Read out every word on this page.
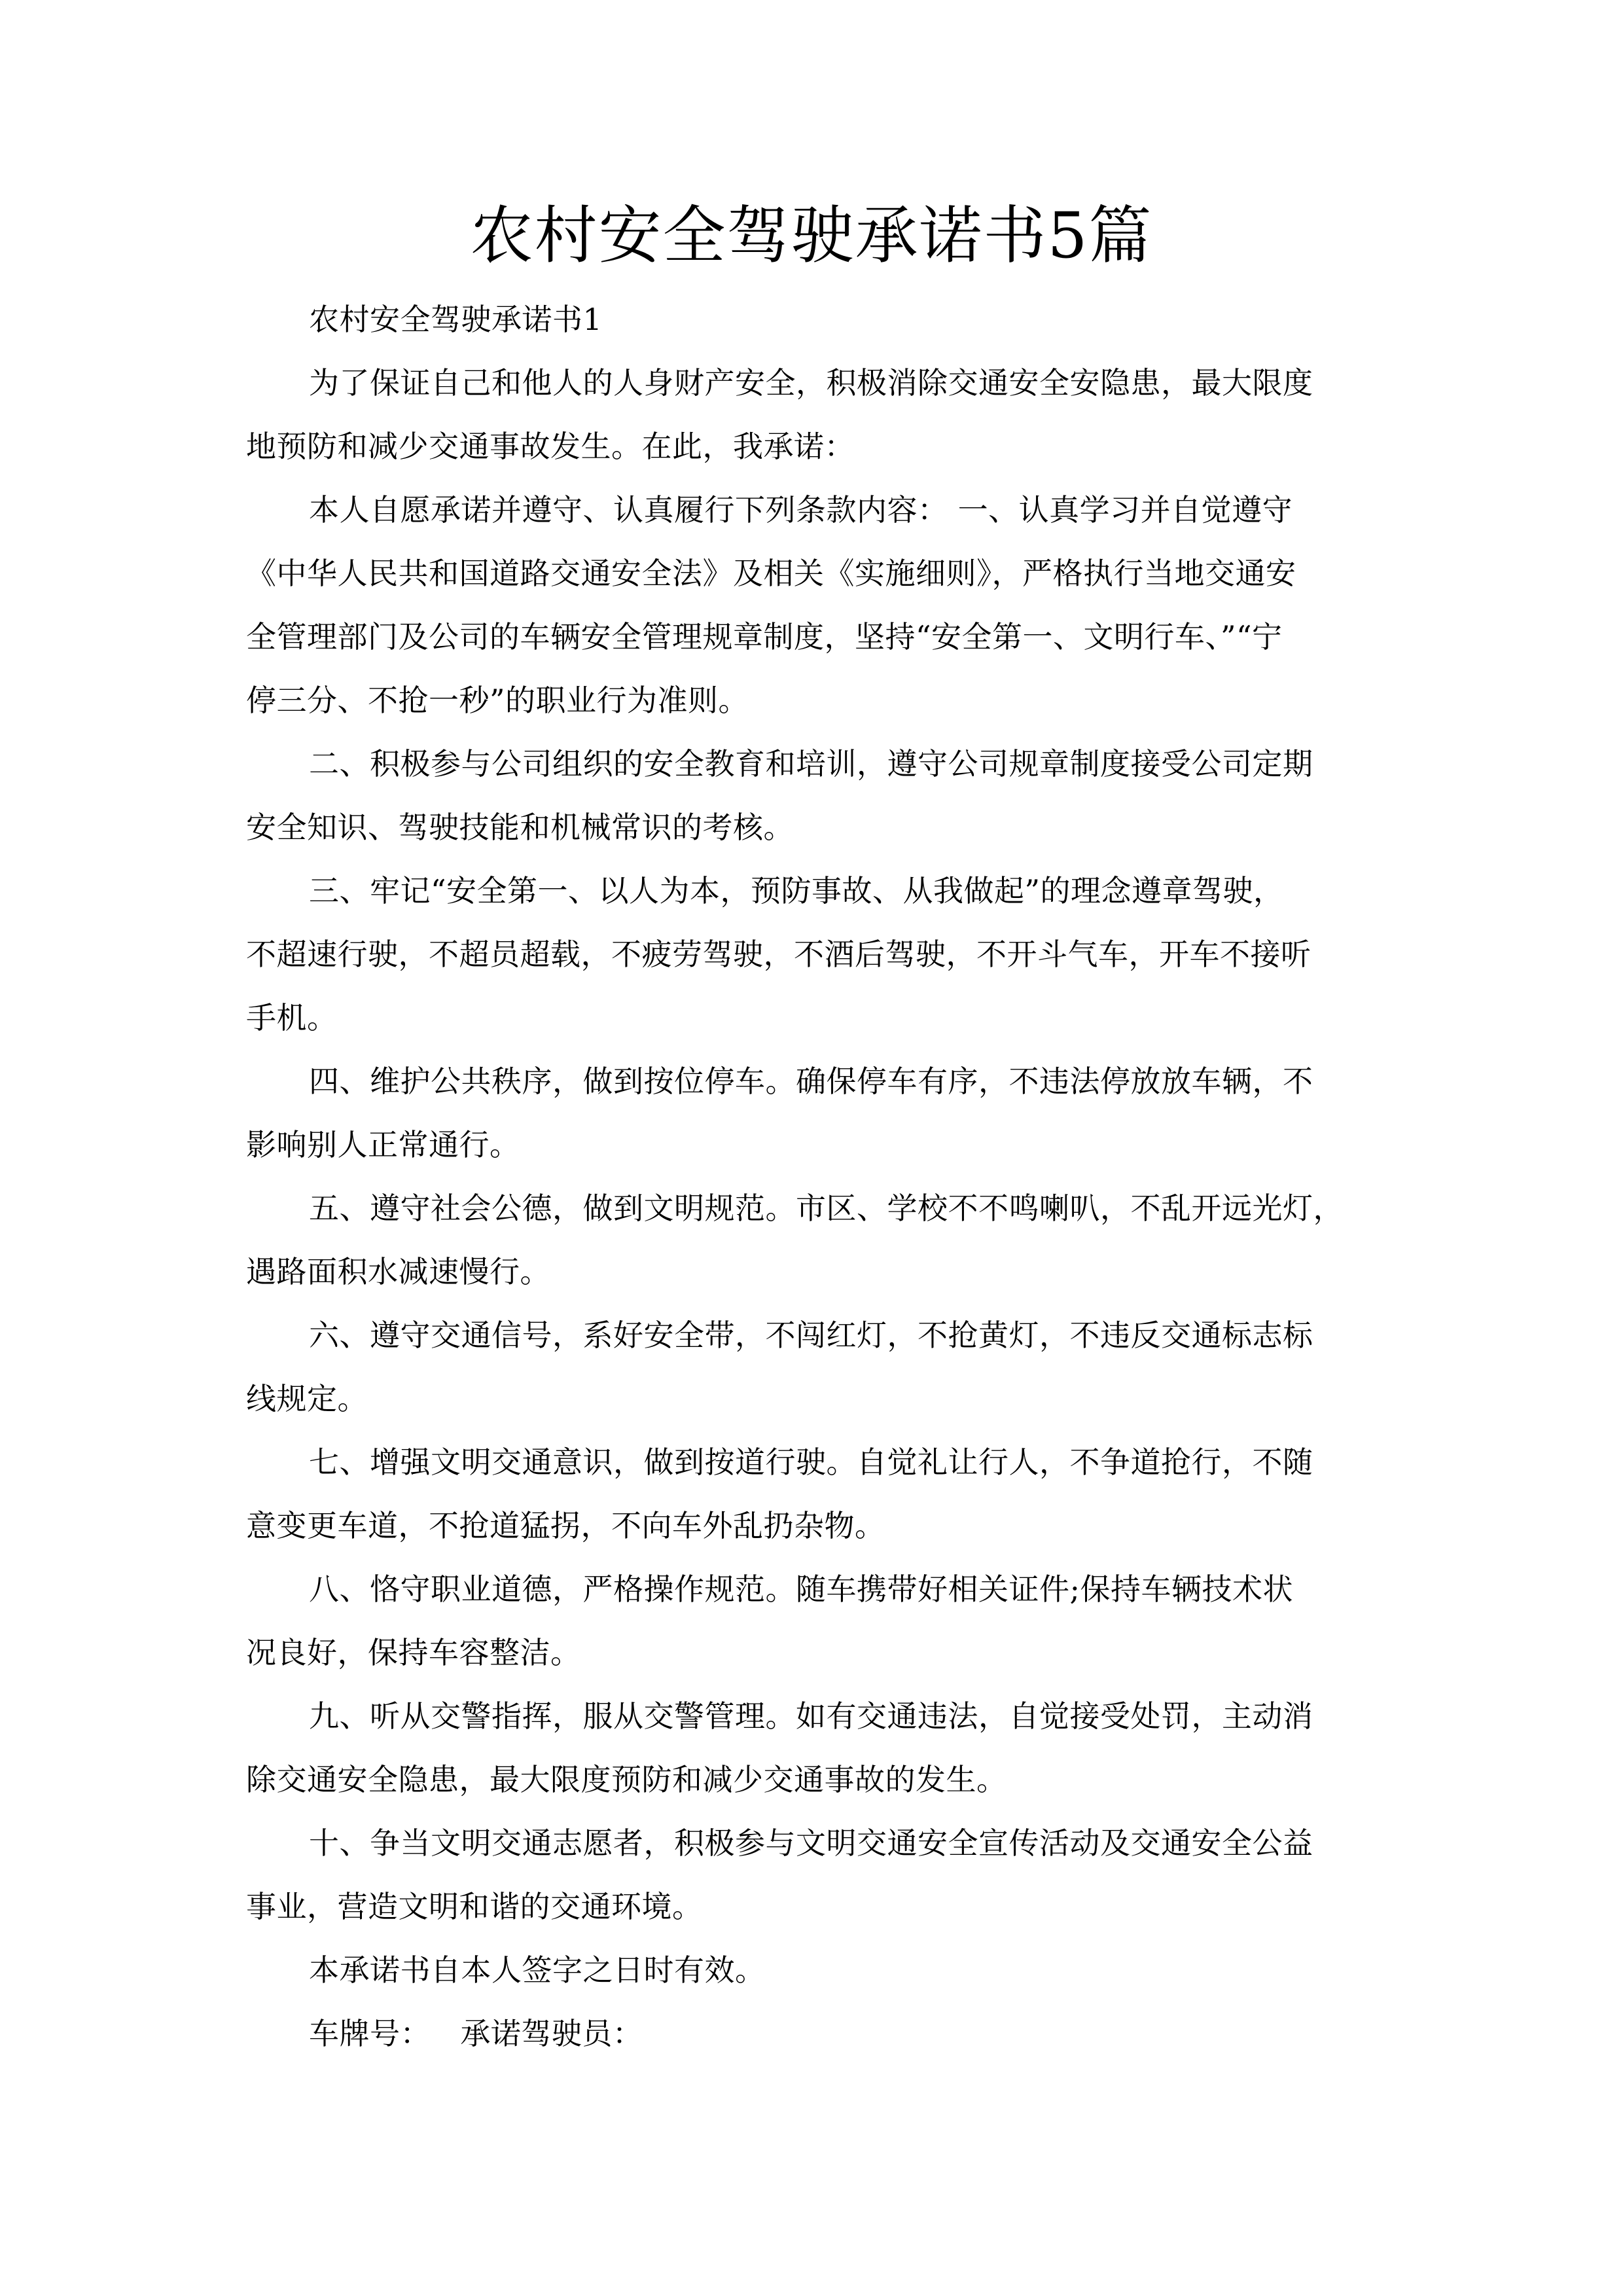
农村安全驾驶承诺书5篇
农村安全驾驶承诺书1
为了保证自己和他人的人身财产安全，积极消除交通安全安隐患，最大限度
地预防和减少交通事故发生。在此，我承诺：
本人自愿承诺并遵守、认真履行下列条款内容： 一、认真学习并自觉遵守
《中华人民共和国道路交通安全法》及相关《实施细则》，严格执行当地交通安
全管理部门及公司的车辆安全管理规章制度，坚持“安全第一、文明行车、”“宁
停三分、不抢一秒”的职业行为准则。
二、积极参与公司组织的安全教育和培训，遵守公司规章制度接受公司定期
安全知识、驾驶技能和机械常识的考核。
三、牢记“安全第一、以人为本，预防事故、从我做起”的理念遵章驾驶，
不超速行驶，不超员超载，不疲劳驾驶，不酒后驾驶，不开斗气车，开车不接听
手机。
四、维护公共秩序，做到按位停车。确保停车有序，不违法停放放车辆，不
影响别人正常通行。
五、遵守社会公德，做到文明规范。市区、学校不不鸣喇叭，不乱开远光灯，
遇路面积水减速慢行。
六、遵守交通信号，系好安全带，不闯红灯，不抢黄灯，不违反交通标志标
线规定。
七、增强文明交通意识，做到按道行驶。自觉礼让行人，不争道抢行，不随
意变更车道，不抢道猛拐，不向车外乱扔杂物。
八、恪守职业道德，严格操作规范。随车携带好相关证件;保持车辆技术状
况良好，保持车容整洁。
九、听从交警指挥，服从交警管理。如有交通违法，自觉接受处罚，主动消
除交通安全隐患，最大限度预防和减少交通事故的发生。
十、争当文明交通志愿者，积极参与文明交通安全宣传活动及交通安全公益
事业，营造文明和谐的交通环境。
本承诺书自本人签字之日时有效。
车牌号： 承诺驾驶员：
